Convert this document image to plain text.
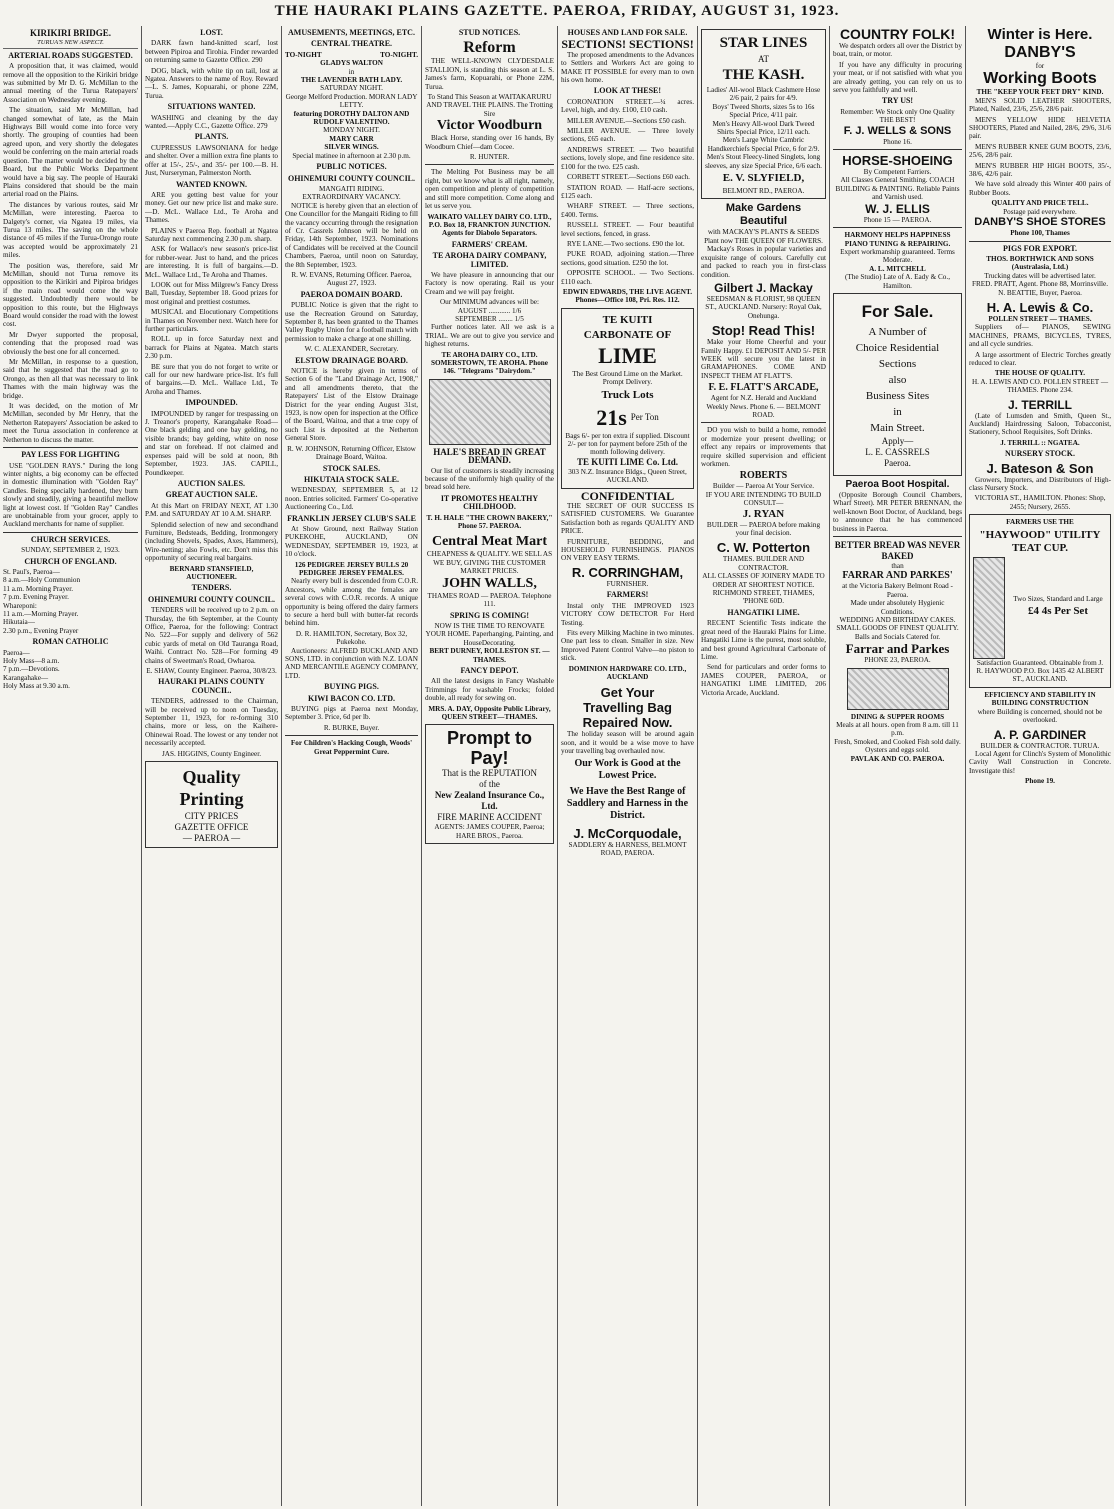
THE HAURAKI PLAINS GAZETTE. PAEROA, FRIDAY, AUGUST 31, 1923.
KIRIKIRI BRIDGE.
TURUA'S NEW ASPECT.
ARTERIAL ROADS SUGGESTED.

A proposition that, it was claimed, would remove all the opposition to the Kirikiri bridge was submitted by Mr D. G. McMillan to the annual meeting of the Turua Ratepayers' Association on Wednesday evening.

The situation, said Mr McMillan, had changed somewhat of late, as the Main Highways Bill would come into force very shortly. The grouping of counties had been agreed upon, and very shortly the delegates would be conferring on the main arterial roads question. The matter would be decided by the Board, but the Public Works Department would have a big say. The people of Hauraki Plains considered that should be the main arterial road on the Plains.

The distances by various routes, said Mr McMillan, were interesting. Paeroa to Dalgety's corner, via Ngatea 19 miles, via Turua 13 miles. The saving on the whole distance of 45 miles if the Turua-Orongo route was accepted would be approximately 21 miles.

The position was, therefore, said Mr McMillan, should not Turua remove its opposition to the Kirikiri and Pipiroa bridges if the main road would come the way suggested. Undoubtedly there would be opposition to this route, but the Highways Board would consider the road with the lowest cost.

Mr Dwyer supported the proposal, contending that the proposed road was obviously the best one for all concerned.

Mr McMillan, in response to a question, said that he suggested that the road go to Orongo, as then all that was necessary to link Thames with the main highway was the bridge.

It was decided, on the motion of Mr McMillan, seconded by Mr Henry, that the Netherton Ratepayers' Association be asked to meet the Turua association in conference at Netherton to discuss the matter.

PAY LESS FOR LIGHTING

USE "GOLDEN RAYS." During the long winter nights, a big economy can be effected in domestic illumination with "Golden Ray" Candles. Being specially hardened, they burn slowly and steadily, giving a beautiful mellow light at lowest cost. If "Golden Ray" Candles are unobtainable from your grocer, apply to Auckland merchants for name of supplier.

CHURCH SERVICES.
SUNDAY, SEPTEMBER 2, 1923.
CHURCH OF ENGLAND.
St. Paul's, Paeroa—
8 a.m.—Holy Communion
11 a.m. Morning Prayer.
7 p.m. Evening Prayer.
Whareponi:
11 a.m.—Morning Prayer.
Hikutaia—
2.30 p.m., Evening Prayer
ROMAN CATHOLIC
Paeroa—
Holy Mass—8 a.m.
7 p.m.—Devotions.
Karangahake—
Holy Mass at 9.30 a.m.
LOST.

DARK fawn hand-knitted scarf, lost between Pipiroa and Tirohia. Finder rewarded on returning same to Gazette Office. 290

DOG, black, with white tip on tail, lost at Ngatea. Answers to the name of Roy. Reward—L. S. James, Kopuarahi, or phone 22M, Turua.

SITUATIONS WANTED.

WASHING and cleaning by the day wanted.—Apply C.C., Gazette Office. 279

PLANTS.

CUPRESSUS LAWSONIANA for hedge and shelter. Over a million extra fine plants to offer at 15/-, 25/-, and 35/- per 100.—B. H. Just, Nurseryman, Palmerston North.

WANTED KNOWN.

ARE you getting best value for your money. Get our new price list and make sure.—D. McL. Wallace Ltd., Te Aroha and Thames.

PLAINS v Paeroa Rep. football at Ngatea Saturday next commencing 2.30 p.m. sharp.

ASK for Wallace's new season's price-list for rubber-wear. Just to hand, and the prices are interesting. It is full of bargains.—D. McL. Wallace Ltd., Te Aroha and Thames.

LOOK out for Miss Milgrew's Fancy Dress Ball, Tuesday, September 18. Good prizes for most original and prettiest costumes.

MUSICAL and Elocutionary Competitions in Thames on November next. Watch here for further particulars.

ROLL up in force Saturday next and barrack for Plains at Ngatea. Match starts 2.30 p.m.

BE sure that you do not forget to write or call for our new hardware price-list. It's full of bargains.—D. McL. Wallace Ltd., Te Aroha and Thames.

IMPOUNDED.

IMPOUNDED by ranger for trespassing on J. Treanor's property, Karangahake Road—One black gelding and one bay gelding, no visible brands; bay gelding, white on nose and star on forehead. If not claimed and expenses paid will be sold at noon, 8th September, 1923. JAS. CAPILL, Poundkeeper.

AUCTION SALES.
GREAT AUCTION SALE.

At this Mart on FRIDAY NEXT, AT 1.30 P.M. and SATURDAY AT 10 A.M. SHARP.

Splendid selection of new and secondhand Furniture, Bedsteads, Bedding, Ironmongery (including Shovels, Spades, Axes, Hammers), Wire-netting; also Fowls, etc. Don't miss this opportunity of securing real bargains.

BERNARD STANSFIELD, AUCTIONEER.
TENDERS.
OHINEMURI COUNTY COUNCIL.

TENDERS will be received up to 2 p.m. on Thursday, the 6th September, at the County Office, Paeroa, for the following: Contract No. 522—For supply and delivery of 562 cubic yards of metal on Old Tauranga Road, Waihi. Contract No. 528—For forming 49 chains of Sweetman's Road, Owharoa.

E. SHAW, County Engineer. Paeroa, 30/8/23.
HAURAKI PLAINS COUNTY COUNCIL.

TENDERS, addressed to the Chairman, will be received up to noon on Tuesday, September 11, 1923, for re-forming 310 chains, more or less, on the Kaihere-Ohinewai Road. The lowest or any tender not necessarily accepted.

JAS. HIGGINS, County Engineer.
Quality
Printing
CITY PRICES
GAZETTE OFFICE
— PAEROA —
AMUSEMENTS, MEETINGS, ETC.
CENTRAL THEATRE.
TO-NIGHT	TO-NIGHT.
GLADYS WALTON
in
THE LAVENDER BATH LADY.
SATURDAY NIGHT.
George Melford Production. MORAN LADY LETTY.
featuring DOROTHY DALTON AND RUDOLF VALENTINO.
MONDAY NIGHT.
MARY CARR
SILVER WINGS.
Special matinee in afternoon at 2.30 p.m.
PUBLIC NOTICES.
OHINEMURI COUNTY COUNCIL.
MANGAITI RIDING.
EXTRAORDINARY VACANCY.

NOTICE is hereby given that an election of One Councillor for the Mangaiti Riding to fill the vacancy occurring through the resignation of Cr. Cassrels Johnson will be held on Friday, 14th September, 1923. Nominations of Candidates will be received at the Council Chambers, Paeroa, until noon on Saturday, the 8th September, 1923.

R. W. EVANS, Returning Officer. Paeroa, August 27, 1923.
PAEROA DOMAIN BOARD.

PUBLIC Notice is given that the right to use the Recreation Ground on Saturday, September 8, has been granted to the Thames Valley Rugby Union for a football match with permission to make a charge at one shilling.

W. C. ALEXANDER, Secretary.
ELSTOW DRAINAGE BOARD.

NOTICE is hereby given in terms of Section 6 of the "Land Drainage Act, 1908," and all amendments thereto, that the Ratepayers' List of the Elstow Drainage District for the year ending August 31st, 1923, is now open for inspection at the Office of the Board, Waitoa, and that a true copy of such List is deposited at the Netherton General Store.

R. W. JOHNSON, Returning Officer, Elstow Drainage Board, Waitoa.
STOCK SALES.
HIKUTAIA STOCK SALE.

WEDNESDAY, SEPTEMBER 5, at 12 noon. Entries solicited. Farmers' Co-operative Auctioneering Co., Ltd.

FRANKLIN JERSEY CLUB'S SALE

At Show Ground, next Railway Station PUKEKOHE, AUCKLAND, ON WEDNESDAY, SEPTEMBER 19, 1923, at 10 o'clock.

126 PEDIGREE JERSEY BULLS 20 PEDIGREE JERSEY FEMALES.

Nearly every bull is descended from C.O.R. Ancestors, while among the females are several cows with C.O.R. records. A unique opportunity is being offered the dairy farmers to secure a herd bull with butter-fat records behind him.

D. R. HAMILTON, Secretary, Box 32, Pukekohe.

Auctioneers: ALFRED BUCKLAND AND SONS, LTD. in conjunction with N.Z. LOAN AND MERCANTILE AGENCY COMPANY, LTD.

BUYING PIGS.
KIWI BACON CO. LTD.

BUYING pigs at Paeroa next Monday, September 3. Price, 6d per lb.

R. BURKE, Buyer.
For Children's Hacking Cough, Woods' Great Peppermint Cure.
STUD NOTICES.
Reform

THE WELL-KNOWN CLYDESDALE STALLION, is standing this season at L. S. James's farm, Kopuarahi, or Phone 22M, Turua.

To Stand This Season at WAITAKARURU AND TRAVEL THE PLAINS. The Trotting Sire
Victor Woodburn

Black Horse, standing over 16 hands, By Woodburn Chief—dam Cocee.

R. HUNTER.

The Melting Pot Business may be all right, but we know what is all right, namely, open competition and plenty of competition and still more competition. Come along and let us serve you.

WAIKATO VALLEY DAIRY CO. LTD., P.O. Box 18, FRANKTON JUNCTION. Agents for Diabolo Separators.
FARMERS' CREAM.
TE AROHA DAIRY COMPANY, LIMITED.

We have pleasure in announcing that our Factory is now operating. Rail us your Cream and we will pay freight.

Our MINIMUM advances will be:
AUGUST ............ 1/6
SEPTEMBER ........ 1/5

Further notices later. All we ask is a TRIAL. We are out to give you service and highest returns.

TE AROHA DAIRY CO., LTD. SOMERSTOWN, TE AROHA. Phone 146. "Telegrams "Dairydom."
HALE'S BREAD IN GREAT DEMAND.

Our list of customers is steadily increasing because of the uniformly high quality of the bread sold here.

IT PROMOTES HEALTHY CHILDHOOD.
T. H. HALE "THE CROWN BAKERY," Phone 57. PAEROA.
Central Meat Mart
CHEAPNESS & QUALITY. WE SELL AS WE BUY, GIVING THE CUSTOMER MARKET PRICES.
JOHN WALLS,
THAMES ROAD — PAEROA. Telephone 111.
SPRING IS COMING!
NOW IS THE TIME TO RENOVATE YOUR HOME. Paperhanging, Painting, and HouseDecorating.
BERT DURNEY, ROLLESTON ST. — THAMES.
FANCY DEPOT.

All the latest designs in Fancy Washable Trimmings for washable Frocks; folded double, all ready for sewing on.

MRS. A. DAY, Opposite Public Library, QUEEN STREET—THAMES.
Prompt to Pay!
That is the REPUTATION
of the
New Zealand Insurance Co., Ltd.
FIRE MARINE ACCIDENT
AGENTS: JAMES COUPER, Paeroa; HARE BROS., Paeroa.
HOUSES AND LAND FOR SALE.
SECTIONS! SECTIONS!

The proposed amendments to the Advances to Settlers and Workers Act are going to MAKE IT POSSIBLE for every man to own his own home.

LOOK AT THESE!

CORONATION STREET.—¼ acres. Level, high, and dry. £100, £10 cash.

MILLER AVENUE.—Sections £50 cash.

MILLER AVENUE. — Three lovely sections, £65 each.

ANDREWS STREET. — Two beautiful sections, lovely slope, and fine residence site. £100 for the two. £25 cash.

CORBETT STREET.—Sections £60 each.

STATION ROAD. — Half-acre sections, £125 each.

WHARF STREET. — Three sections, £400. Terms.

RUSSELL STREET. — Four beautiful level sections, fenced, in grass.

RYE LANE.—Two sections. £90 the lot.

PUKE ROAD, adjoining station.—Three sections, good situation. £250 the lot.

OPPOSITE SCHOOL. — Two Sections. £110 each.

EDWIN EDWARDS, THE LIVE AGENT. Phones—Office 108, Pri. Res. 112.
TE KUITI
CARBONATE OF
LIME
The Best Ground Lime on the Market. Prompt Delivery.
Truck Lots
21s Per Ton
Bags 6/- per ton extra if supplied. Discount 2/- per ton for payment before 25th of the month following delivery.
TE KUITI LIME Co. Ltd.
303 N.Z. Insurance Bldgs., Queen Street, AUCKLAND.
CONFIDENTIAL

THE SECRET OF OUR SUCCESS IS SATISFIED CUSTOMERS. We Guarantee Satisfaction both as regards QUALITY AND PRICE.

FURNITURE, BEDDING, and HOUSEHOLD FURNISHINGS. PIANOS ON VERY EASY TERMS.

R. CORRINGHAM,
FURNISHER.
FARMERS!

Instal only THE IMPROVED 1923 VICTORY COW DETECTOR For Herd Testing.

Fits every Milking Machine in two minutes. One part less to clean. Smaller in size. New Improved Patent Control Valve—no piston to stick.

DOMINION HARDWARE CO. LTD., AUCKLAND
Get Your
Travelling Bag
Repaired Now.

The holiday season will be around again soon, and it would be a wise move to have your travelling bag overhauled now.

Our Work is Good at the Lowest Price.
We Have the Best Range of Saddlery and Harness in the District.
J. McCorquodale,
SADDLERY & HARNESS, BELMONT ROAD, PAEROA.
STAR LINES
AT
THE KASH.
Ladies' All-wool Black Cashmere Hose 2/6 pair, 2 pairs for 4/9.
Boys' Tweed Shorts, sizes 5s to 16s Special Price, 4/11 pair.
Men's Heavy All-wool Dark Tweed Shirts Special Price, 12/11 each.
Men's Large White Cambric Handkerchiefs Special Price, 6 for 2/9.
Men's Stout Fleecy-lined Singlets, long sleeves, any size Special Price, 6/6 each.
E. V. SLYFIELD,
BELMONT RD., PAEROA.
Make Gardens Beautiful
with MACKAY'S PLANTS & SEEDS
Plant now THE QUEEN OF FLOWERS.

Mackay's Roses in popular varieties and exquisite range of colours. Carefully cut and packed to reach you in first-class condition.

Gilbert J. Mackay
SEEDSMAN & FLORIST, 98 QUEEN ST., AUCKLAND. Nursery: Royal Oak, Onehunga.
Stop! Read This!

Make your Home Cheerful and your Family Happy. £1 DEPOSIT AND 5/- PER WEEK will secure you the latest in GRAMAPHONES. COME AND INSPECT THEM AT FLATT'S.

F. E. FLATT'S ARCADE,
Agent for N.Z. Herald and Auckland Weekly News. Phone 6. — BELMONT ROAD.

DO you wish to build a home, remodel or modernize your present dwelling; or effect any repairs or improvements that require skilled supervision and efficient workmen.

ROBERTS
Builder — Paeroa At Your Service.
IF YOU ARE INTENDING TO BUILD CONSULT—
J. RYAN
BUILDER — PAEROA before making your final decision.
C. W. Potterton
THAMES. BUILDER AND CONTRACTOR.
ALL CLASSES OF JOINERY MADE TO ORDER AT SHORTEST NOTICE.
RICHMOND STREET, THAMES, 'PHONE 60D.
HANGATIKI LIME.

RECENT Scientific Tests indicate the great need of the Hauraki Plains for Lime. Hangatiki Lime is the purest, most soluble, and best ground Agricultural Carbonate of Lime.

Send for particulars and order forms to JAMES COUPER, PAEROA, or HANGATIKI LIME LIMITED, 206 Victoria Arcade, Auckland.

COUNTRY FOLK!

We despatch orders all over the District by boat, train, or motor.

If you have any difficulty in procuring your meat, or if not satisfied with what you are already getting, you can rely on us to serve you faithfully and well.

TRY US!
Remember: We Stock only One Quality THE BEST!
F. J. WELLS & SONS
Phone 16.
HORSE-SHOEING
By Competent Farriers.
All Classes General Smithing. COACH BUILDING & PAINTING. Reliable Paints and Varnish used.
W. J. ELLIS
Phone 15 — PAEROA.
HARMONY HELPS HAPPINESS
PIANO TUNING & REPAIRING.
Expert workmanship guaranteed. Terms Moderate.
A. L. MITCHELL
(The Studio) Late of A. Eady & Co., Hamilton.
For Sale.
A Number of
Choice Residential
Sections
also
Business Sites
in
Main Street.
Apply—
L. E. CASSRELS
Paeroa.
Paeroa Boot Hospital.

(Opposite Borough Council Chambers, Wharf Street). MR PETER BRENNAN, the well-known Boot Doctor, of Auckland, begs to announce that he has commenced business in Paeroa.

BETTER BREAD WAS NEVER BAKED
than
FARRAR AND PARKES'
at the Victoria Bakery Belmont Road - Paeroa.
Made under absolutely Hygienic Conditions.
WEDDING AND BIRTHDAY CAKES.
SMALL GOODS OF FINEST QUALITY.
Balls and Socials Catered for.
Farrar and Parkes
PHONE 23, PAEROA.
DINING & SUPPER ROOMS
Meals at all hours. open from 8 a.m. till 11 p.m.
Fresh, Smoked, and Cooked Fish sold daily. Oysters and eggs sold.
PAVLAK AND CO. PAEROA.
Winter is Here.
DANBY'S
for
Working Boots
THE "KEEP YOUR FEET DRY" KIND.

MEN'S SOLID LEATHER SHOOTERS, Plated, Nailed, 23/6, 25/6, 28/6 pair.

MEN'S YELLOW HIDE HELVETIA SHOOTERS, Plated and Nailed, 28/6, 29/6, 31/6 pair.

MEN'S RUBBER KNEE GUM BOOTS, 23/6, 25/6, 28/6 pair.

MEN'S RUBBER HIP HIGH BOOTS, 35/-, 38/6, 42/6 pair.

We have sold already this Winter 400 pairs of Rubber Boots.

QUALITY AND PRICE TELL.
Postage paid everywhere.
DANBY'S SHOE STORES
Phone 100, Thames
PIGS FOR EXPORT.
THOS. BORTHWICK AND SONS (Australasia, Ltd.)
Trucking dates will be advertised later.
FRED. PRATT, Agent. Phone 88, Morrinsville.
N. BEATTIE, Buyer, Paeroa.
H. A. Lewis & Co.
POLLEN STREET — THAMES.

Suppliers of— PIANOS, SEWING MACHINES, PRAMS, BICYCLES, TYRES, and all cycle sundries.

A large assortment of Electric Torches greatly reduced to clear.

THE HOUSE OF QUALITY.
H. A. LEWIS AND CO. POLLEN STREET — THAMES. Phone 234.
J. TERRILL

(Late of Lumsden and Smith, Queen St., Auckland) Hairdressing Saloon, Tobacconist, Stationery, School Requisites, Soft Drinks.

J. TERRILL :: NGATEA.
NURSERY STOCK.
J. Bateson & Son

Growers, Importers, and Distributors of High-class Nursery Stock.

VICTORIA ST., HAMILTON. Phones: Shop, 2455; Nursery, 2655.
FARMERS USE THE
"HAYWOOD" UTILITY TEAT CUP.
Two Sizes, Standard and Large
£4 4s Per Set
Satisfaction Guaranteed. Obtainable from J. R. HAYWOOD P.O. Box 1435 42 ALBERT ST., AUCKLAND.
EFFICIENCY AND STABILITY IN BUILDING CONSTRUCTION
where Building is concerned, should not be overlooked.
A. P. GARDINER
BUILDER & CONTRACTOR. TURUA.

Local Agent for Clinch's System of Monolithic Cavity Wall Construction in Concrete. Investigate this!

Phone 19.
